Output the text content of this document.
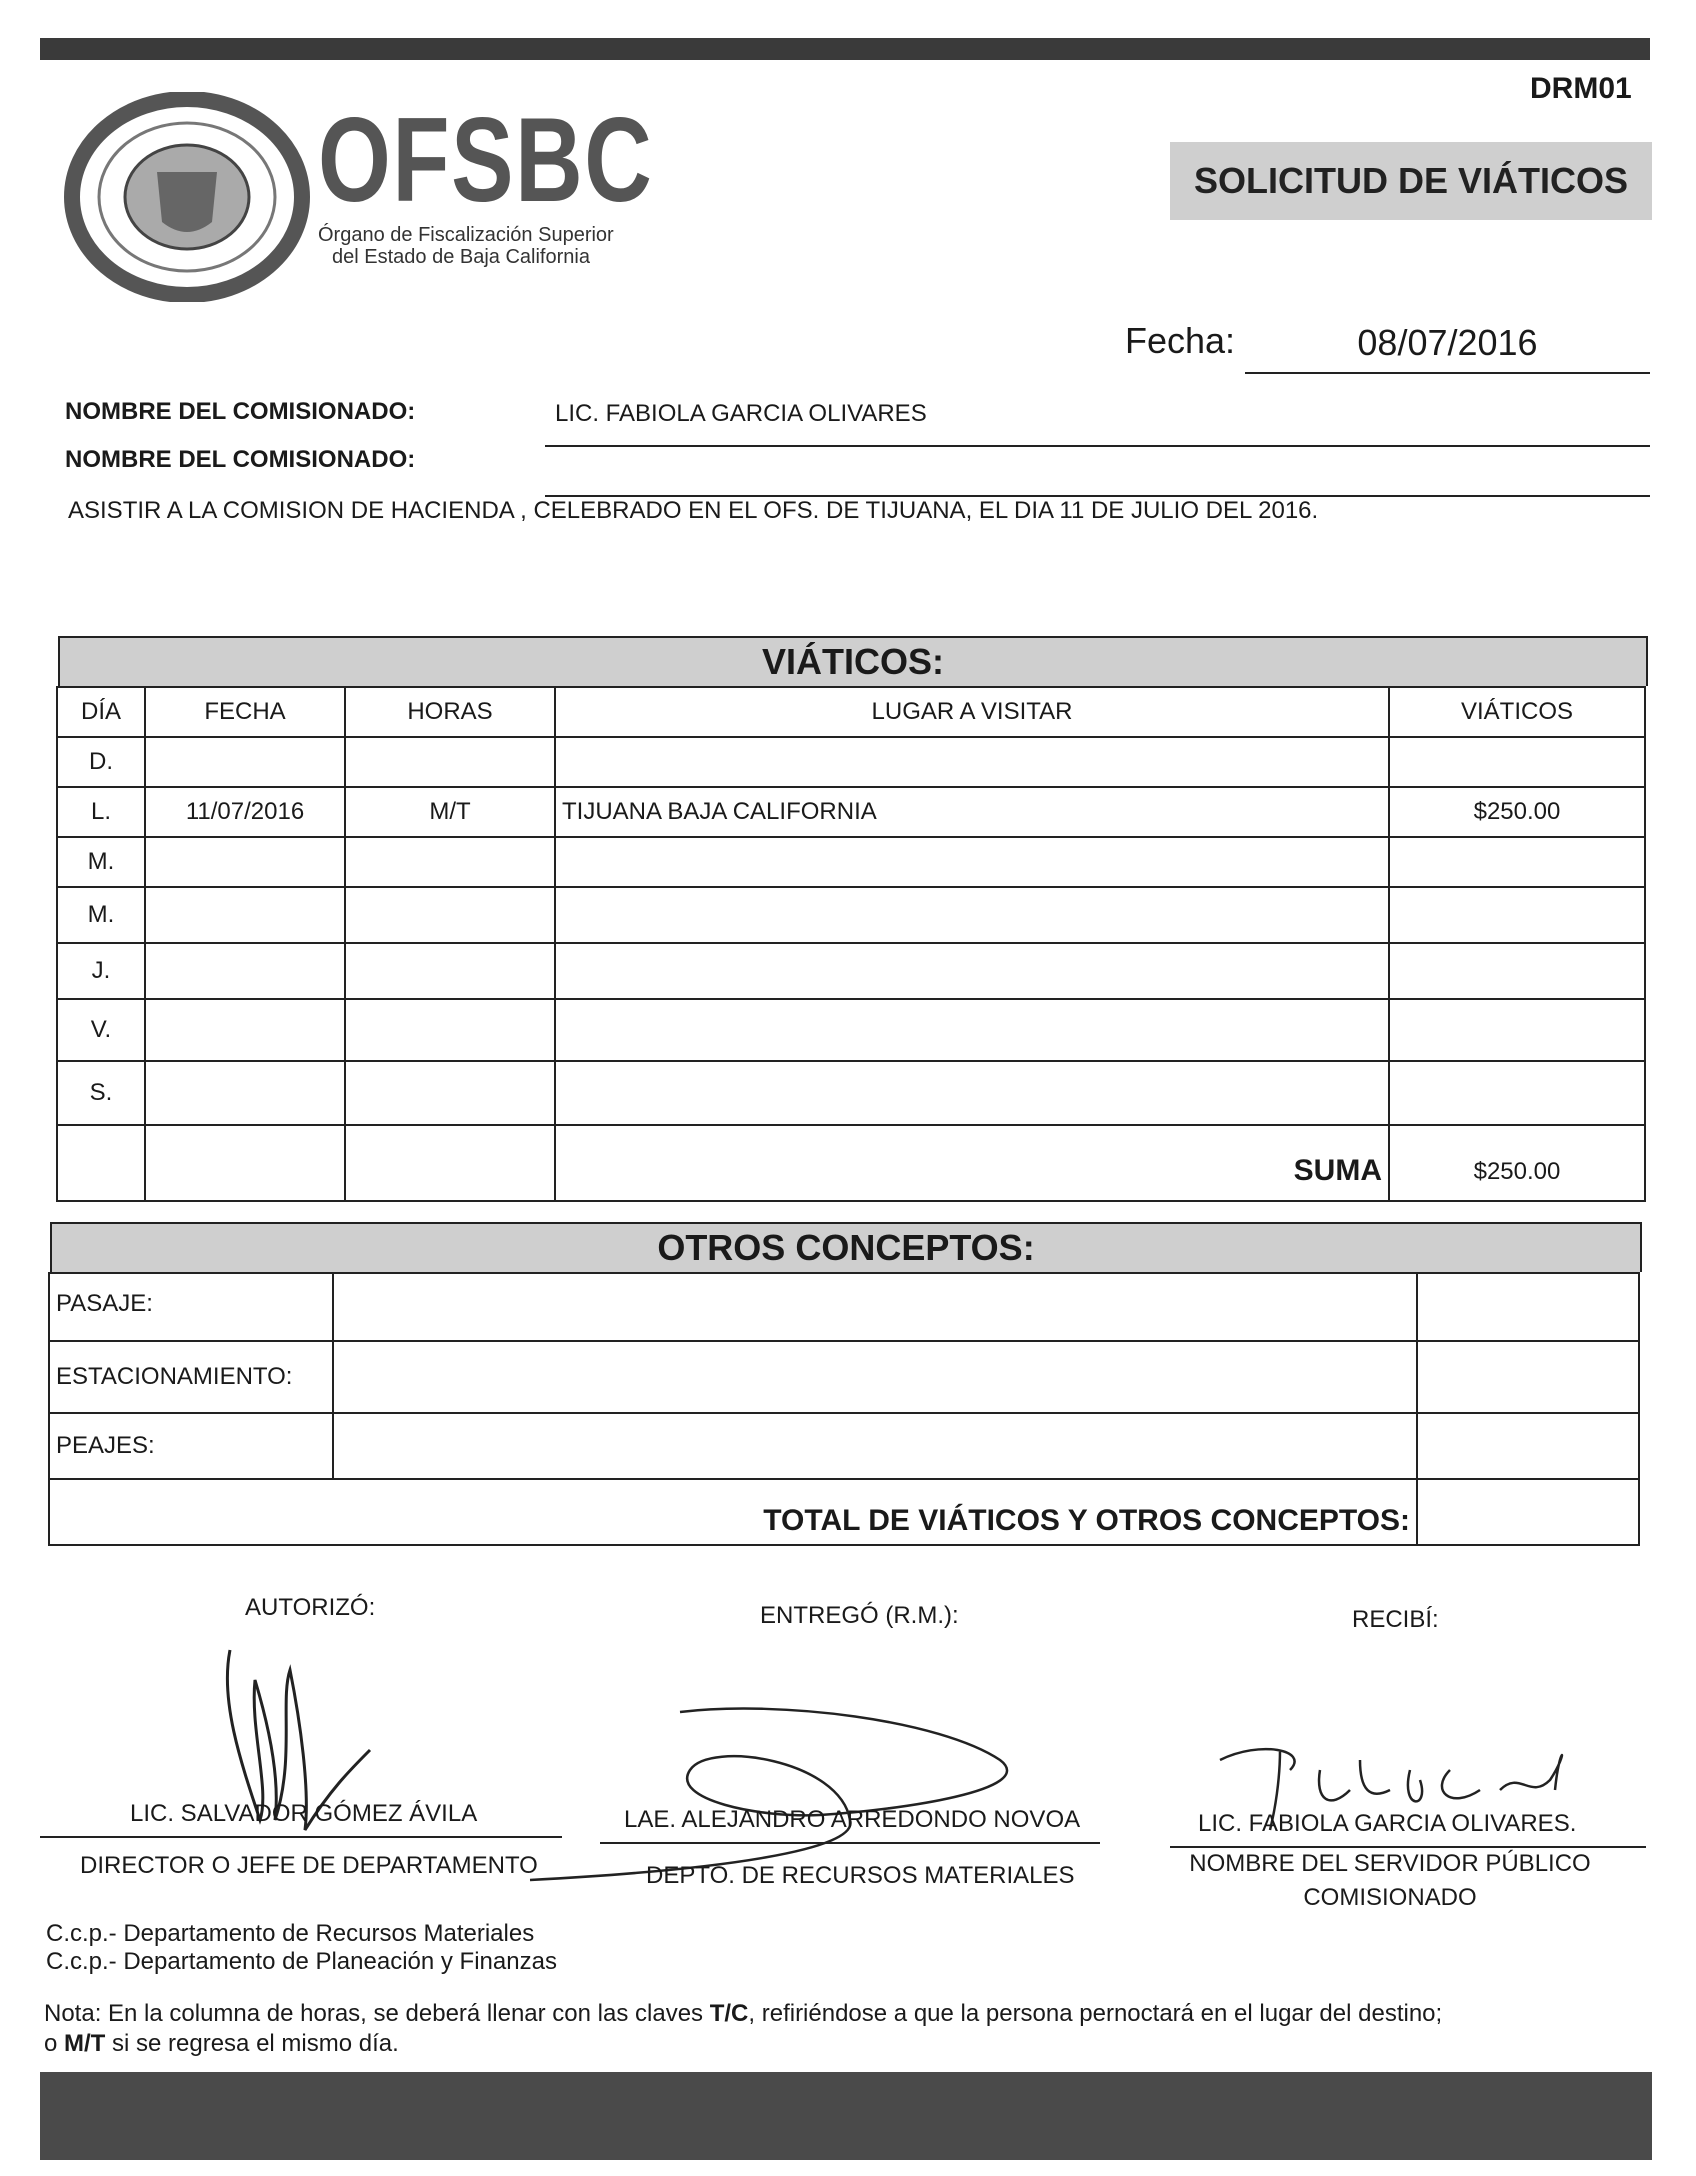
DRM01
OFSBC
Órgano de Fiscalización Superior
del Estado de Baja California
SOLICITUD DE VIÁTICOS
Fecha:	08/07/2016
NOMBRE DEL COMISIONADO:	LIC. FABIOLA GARCIA OLIVARES
NOMBRE DEL COMISIONADO:
ASISTIR A LA COMISION DE HACIENDA , CELEBRADO EN EL OFS. DE TIJUANA, EL DIA 11 DE JULIO DEL 2016.
VIÁTICOS:
DÍA	FECHA	HORAS	LUGAR A VISITAR	VIÁTICOS
D.				
L.	11/07/2016	M/T	TIJUANA BAJA CALIFORNIA	$250.00
M.				
M.				
J.				
V.				
S.				
			SUMA	$250.00
OTROS CONCEPTOS:
PASAJE:		
ESTACIONAMIENTO:		
PEAJES:		
TOTAL DE VIÁTICOS Y OTROS CONCEPTOS:		
AUTORIZÓ:	ENTREGÓ (R.M.):	RECIBÍ:
LIC. SALVADOR GÓMEZ ÁVILA	LAE. ALEJANDRO ARREDONDO NOVOA	LIC. FABIOLA GARCIA OLIVARES.
DIRECTOR O JEFE DE DEPARTAMENTO	DEPTO. DE RECURSOS MATERIALES	NOMBRE DEL SERVIDOR PÚBLICO
COMISIONADO
C.c.p.- Departamento de Recursos Materiales
C.c.p.- Departamento de Planeación y Finanzas
Nota: En la columna de horas, se deberá llenar con las claves T/C, refiriéndose a que la persona pernoctará en el lugar del destino;
o M/T si se regresa el mismo día.
